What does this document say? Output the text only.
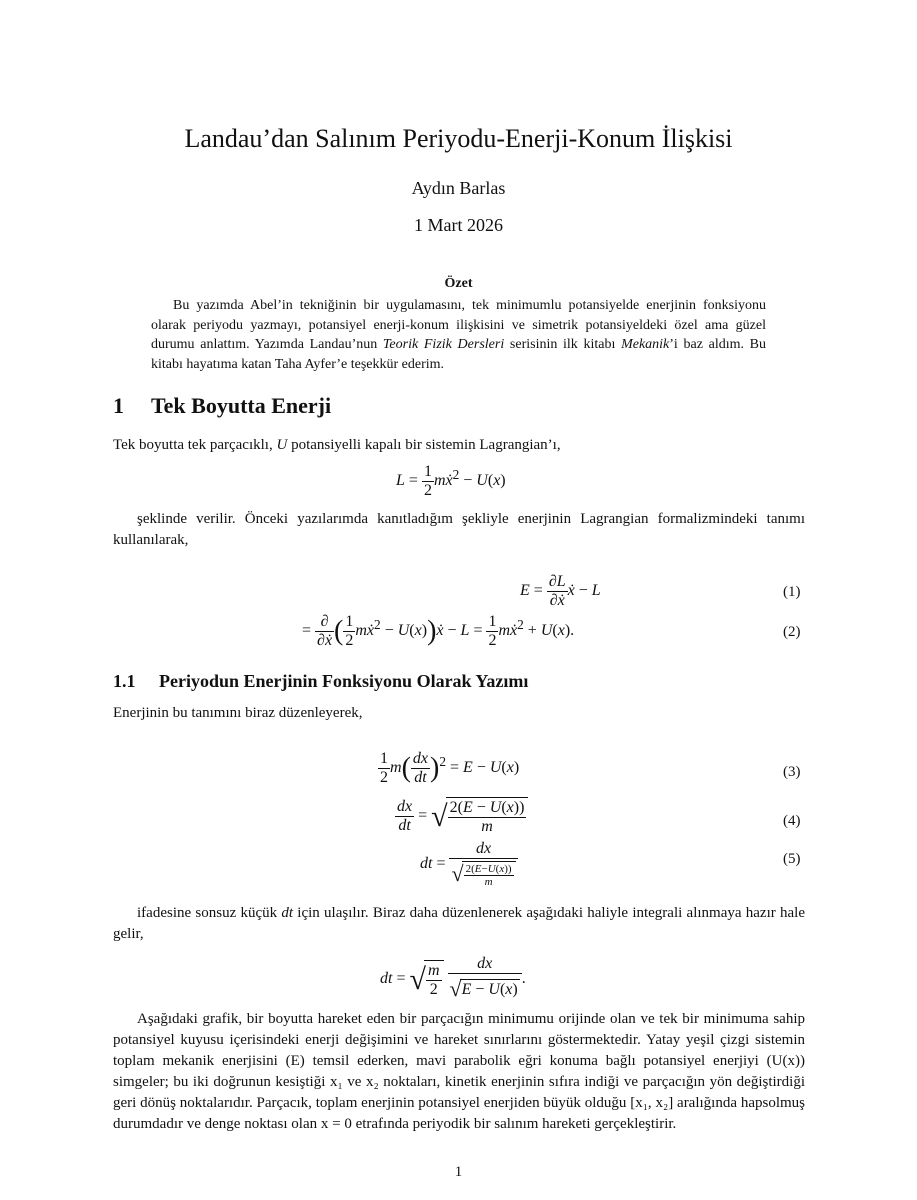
Landau’dan Salınım Periyodu-Enerji-Konum İlişkisi
Aydın Barlas
1 Mart 2026
Özet
Bu yazımda Abel’in tekniğinin bir uygulamasını, tek minimumlu potansiyelde enerjinin fonksiyonu olarak periyodu yazmayı, potansiyel enerji-konum ilişkisini ve simetrik potansiyeldeki özel ama güzel durumu anlattım. Yazımda Landau’nun Teorik Fizik Dersleri serisinin ilk kitabı Mekanik’i baz aldım. Bu kitabı hayatıma katan Taha Ayfer’e teşekkür ederim.
1 Tek Boyutta Enerji
Tek boyutta tek parçacıklı, U potansiyelli kapalı bir sistemin Lagrangian’ı,
$L = \frac{1}{2}$ mẋ$^2$ − U(x)
şeklinde verilir. Önceki yazılarımda kanıtladığım şekliyle enerjinin Lagrangian formalizmindeki tanımı kullanılarak,
$E = \frac{\partial L}{\text{∂ẋ}}$ ẋ − L	(1)
= $\frac{\partial}{\text{∂ẋ}}$ ( $\frac{1}{2}$ mẋ$^2$ − U(x))ẋ − $L = \frac{1}{2}$ mẋ$^2$ + U(x).	(2)
1.1 Periyodun Enerjinin Fonksiyonu Olarak Yazımı
Enerjinin bu tanımını biraz düzenleyerek,
$\frac{1}{2} m( \frac{dx}{dt} )^2 = E - U(x)$	(3)
$\frac{dx}{dt}$ = √ $\frac{2(E - U(x))}{m}$	(4)
dt = $\frac{dx}{√ \frac{2(E-U(x))}{m}}$	(5)
ifadesine sonsuz küçük dt için ulaşılır. Biraz daha düzenlenerek aşağıdaki haliyle integrali alınmaya hazır hale gelir,
dt = √ $\frac{m}{2}$
$\frac{dx}{√E - U(x)}$ .
Aşağıdaki grafik, bir boyutta hareket eden bir parçacığın minimumu orijinde olan ve tek bir minimuma sahip potansiyel kuyusu içerisindeki enerji değişimini ve hareket sınırlarını göstermektedir. Yatay yeşil çizgi sistemin toplam mekanik enerjisini (E) temsil ederken, mavi parabolik eğri konuma bağlı potansiyel enerjiyi (U(x)) simgeler; bu iki doğrunun kesiştiği x₁ ve x₂ noktaları, kinetik enerjinin sıfıra indiği ve parçacığın yön değiştirdiği geri dönüş noktalarıdır. Parçacık, toplam enerjinin potansiyel enerjiden büyük olduğu [x₁, x₂] aralığında hapsolmuş durumdadır ve denge noktası olan x = 0 etrafında periyodik bir salınım hareketi gerçekleştirir.
1
